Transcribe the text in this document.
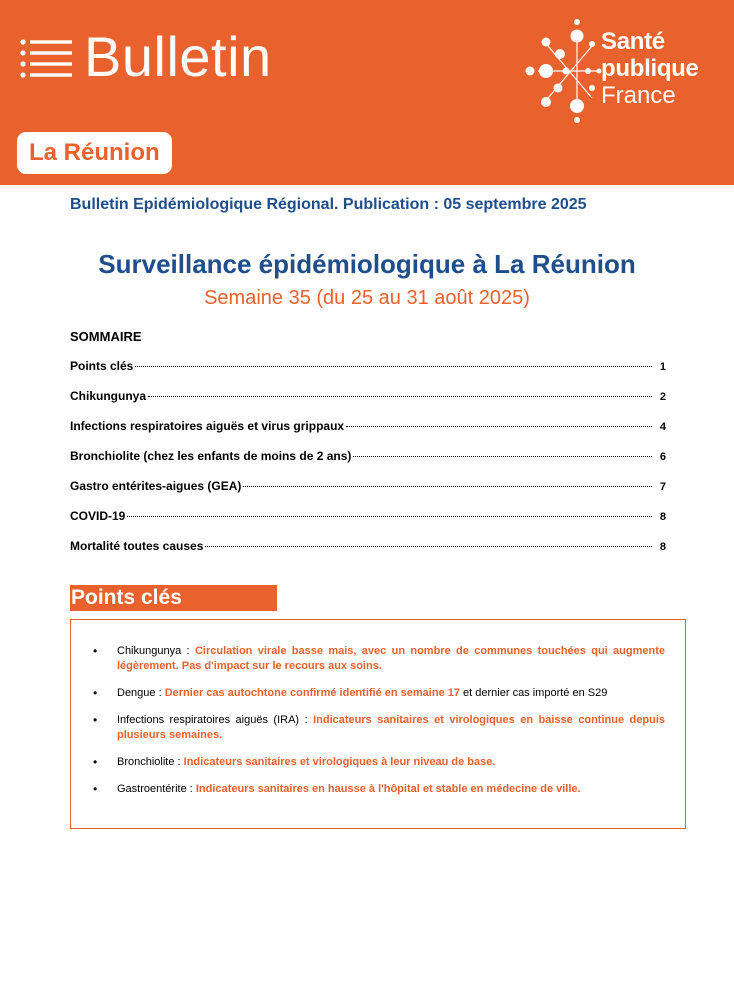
Bulletin	Santé
publique
France
La Réunion
Bulletin Epidémiologique Régional. Publication : 05 septembre 2025
Surveillance épidémiologique à La Réunion
Semaine 35 (du 25 au 31 août 2025)
SOMMAIRE
Points clés	1
Chikungunya	2
Infections respiratoires aiguës et virus grippaux	4
Bronchiolite (chez les enfants de moins de 2 ans)	6
Gastro entérites-aigues (GEA)	7
COVID-19	8
Mortalité toutes causes	8
Points clés
• Chikungunya : Circulation virale basse mais, avec un nombre de communes touchées qui augmente légèrement. Pas d'impact sur le recours aux soins.
• Dengue : Dernier cas autochtone confirmé identifié en semaine 17 et dernier cas importé en S29
• Infections respiratoires aiguës (IRA) : Indicateurs sanitaires et virologiques en baisse continue depuis plusieurs semaines.
• Bronchiolite : Indicateurs sanitaires et virologiques à leur niveau de base.
• Gastroentérite : Indicateurs sanitaires en hausse à l'hôpital et stable en médecine de ville.
